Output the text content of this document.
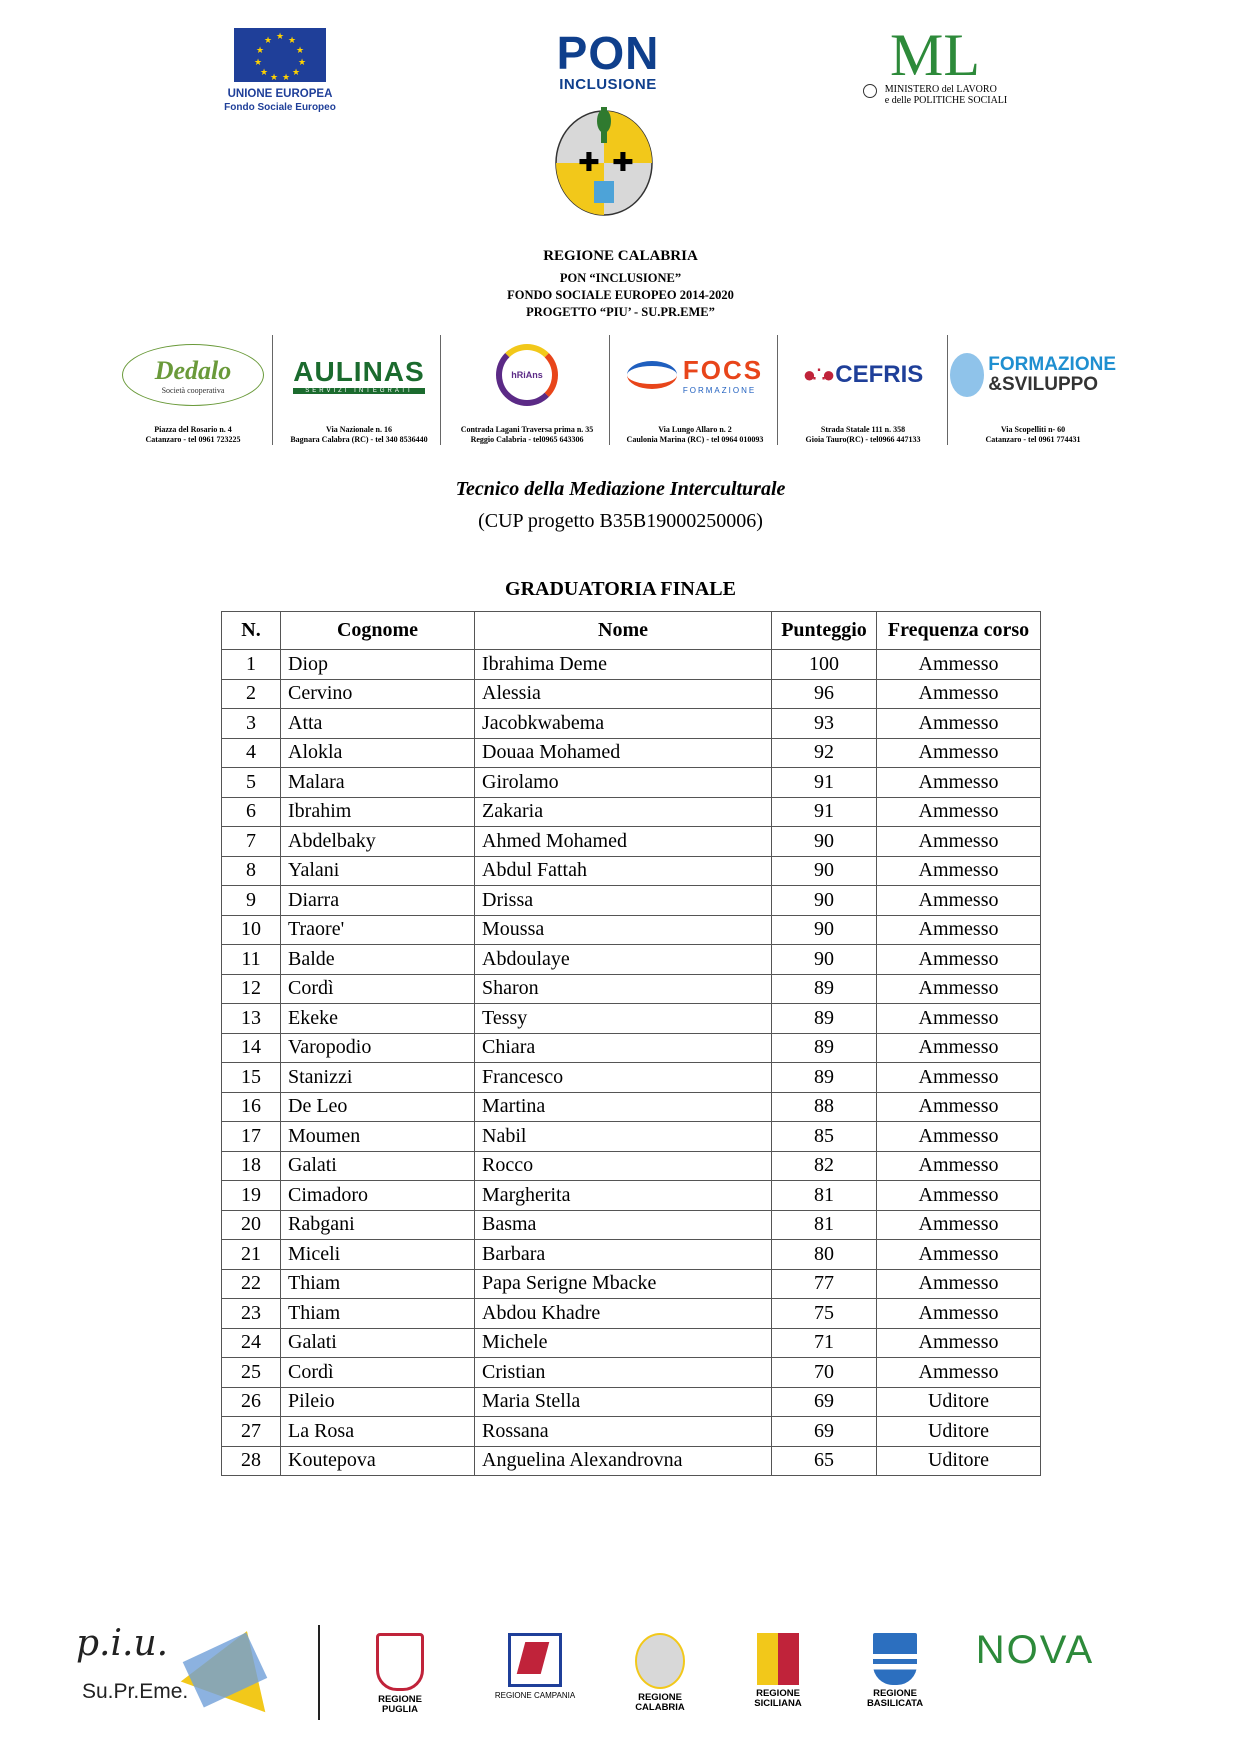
★ ★
★
★
★
★
★
★
★
★
★
UNIONE EUROPEA
Fondo Sociale Europeo
PON
INCLUSIONE
✚ ✚
ML
MINISTERO del LAVORO
e delle POLITICHE SOCIALI
REGIONE CALABRIA
PON “INCLUSIONE”
FONDO SOCIALE EUROPEO 2014-2020
PROGETTO “PIU’ - SU.PR.EME”
Dedalo
Società cooperativa
Piazza del Rosario n. 4
Catanzaro - tel 0961 723225
AULINAS
SERVIZI INTEGRATI
Via Nazionale n. 16
Bagnara Calabra (RC) - tel 340 8536440
hRiAns
Contrada Lagani Traversa prima n. 35
Reggio Calabria - tel0965 643306
FOCS
FORMAZIONE
Via Lungo Allaro n. 2
Caulonia Marina (RC) - tel 0964 010093
●∴● CEFRIS
Strada Statale 111 n. 358
Gioia Tauro(RC) - tel0966 447133
FORMAZIONE
&SVILUPPO
Via Scopelliti n- 60
Catanzaro - tel 0961 774431
Tecnico della Mediazione Interculturale
(CUP progetto B35B19000250006)
GRADUATORIA FINALE
N.	Cognome	Nome	Punteggio	Frequenza corso
1	Diop	Ibrahima Deme	100	Ammesso
2	Cervino	Alessia	96	Ammesso
3	Atta	Jacobkwabema	93	Ammesso
4	Alokla	Douaa Mohamed	92	Ammesso
5	Malara	Girolamo	91	Ammesso
6	Ibrahim	Zakaria	91	Ammesso
7	Abdelbaky	Ahmed Mohamed	90	Ammesso
8	Yalani	Abdul Fattah	90	Ammesso
9	Diarra	Drissa	90	Ammesso
10	Traore'	Moussa	90	Ammesso
11	Balde	Abdoulaye	90	Ammesso
12	Cordì	Sharon	89	Ammesso
13	Ekeke	Tessy	89	Ammesso
14	Varopodio	Chiara	89	Ammesso
15	Stanizzi	Francesco	89	Ammesso
16	De Leo	Martina	88	Ammesso
17	Moumen	Nabil	85	Ammesso
18	Galati	Rocco	82	Ammesso
19	Cimadoro	Margherita	81	Ammesso
20	Rabgani	Basma	81	Ammesso
21	Miceli	Barbara	80	Ammesso
22	Thiam	Papa Serigne Mbacke	77	Ammesso
23	Thiam	Abdou Khadre	75	Ammesso
24	Galati	Michele	71	Ammesso
25	Cordì	Cristian	70	Ammesso
26	Pileio	Maria Stella	69	Uditore
27	La Rosa	Rossana	69	Uditore
28	Koutepova	Anguelina Alexandrovna	65	Uditore
p.i.u.
Su.Pr.Eme.	REGIONE PUGLIA
REGIONE CAMPANIA	REGIONE CALABRIA
REGIONE SICILIANA
REGIONE BASILICATA
NOVA
